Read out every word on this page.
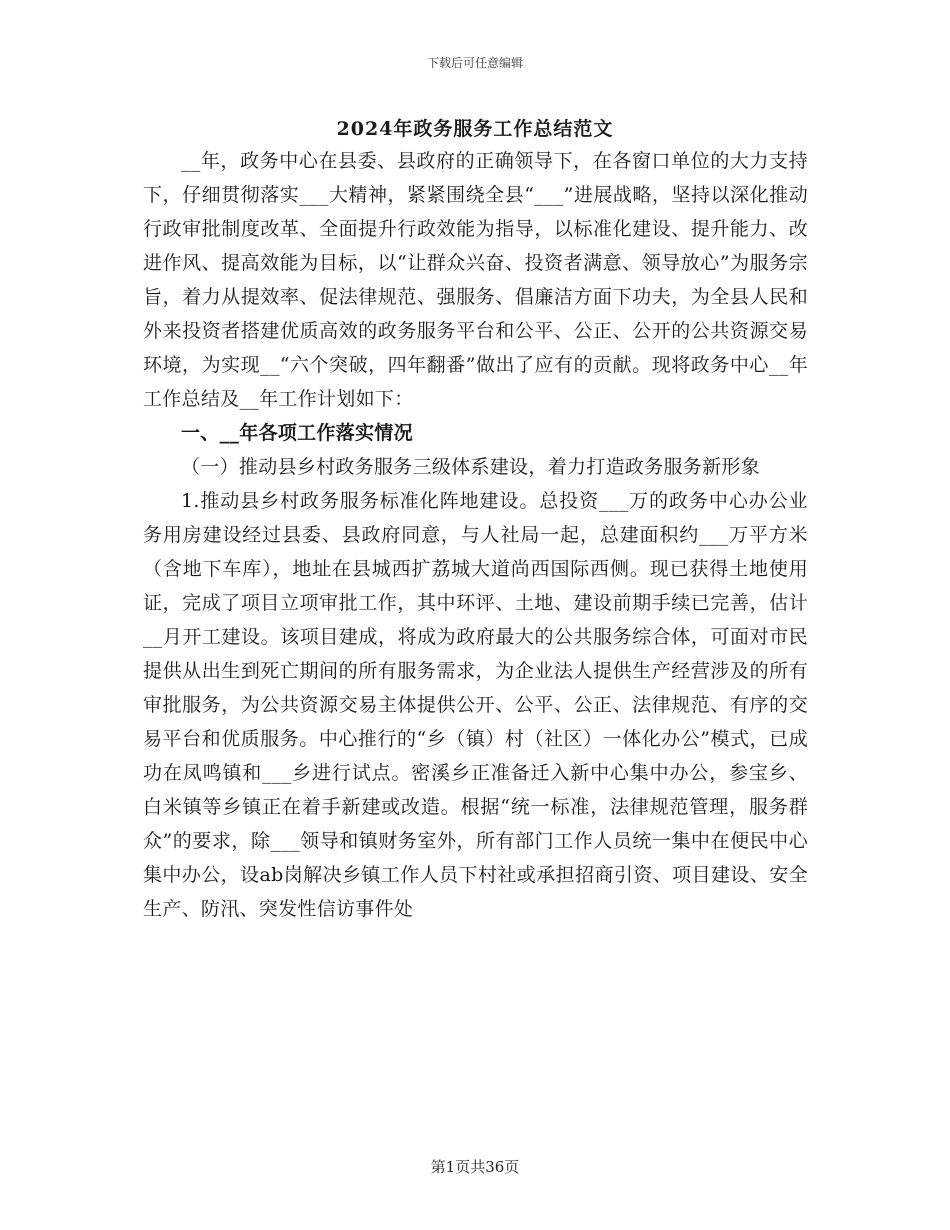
下载后可任意编辑
2024年政务服务工作总结范文

__年，政务中心在县委、县政府的正确领导下，在各窗口单位的大力支持下，仔细贯彻落实___大精神，紧紧围绕全县“___”进展战略，坚持以深化推动行政审批制度改革、全面提升行政效能为指导，以标准化建设、提升能力、改进作风、提高效能为目标，以“让群众兴奋、投资者满意、领导放心”为服务宗旨，着力从提效率、促法律规范、强服务、倡廉洁方面下功夫，为全县人民和外来投资者搭建优质高效的政务服务平台和公平、公正、公开的公共资源交易环境，为实现__“六个突破，四年翻番”做出了应有的贡献。现将政务中心__年工作总结及__年工作计划如下：

一、__年各项工作落实情况

（一）推动县乡村政务服务三级体系建设，着力打造政务服务新形象

1.推动县乡村政务服务标准化阵地建设。总投资___万的政务中心办公业务用房建设经过县委、县政府同意，与人社局一起，总建面积约___万平方米（含地下车库），地址在县城西扩荔城大道尚西国际西侧。现已获得土地使用证，完成了项目立项审批工作，其中环评、土地、建设前期手续已完善，估计__月开工建设。该项目建成，将成为政府最大的公共服务综合体，可面对市民提供从出生到死亡期间的所有服务需求，为企业法人提供生产经营涉及的所有审批服务，为公共资源交易主体提供公开、公平、公正、法律规范、有序的交易平台和优质服务。中心推行的“乡（镇）村（社区）一体化办公”模式，已成功在凤鸣镇和___乡进行试点。密溪乡正准备迁入新中心集中办公，参宝乡、白米镇等乡镇正在着手新建或改造。根据“统一标准，法律规范管理，服务群众”的要求，除___领导和镇财务室外，所有部门工作人员统一集中在便民中心集中办公，设ab岗解决乡镇工作人员下村社或承担招商引资、项目建设、安全生产、防汛、突发性信访事件处

第1页共36页
